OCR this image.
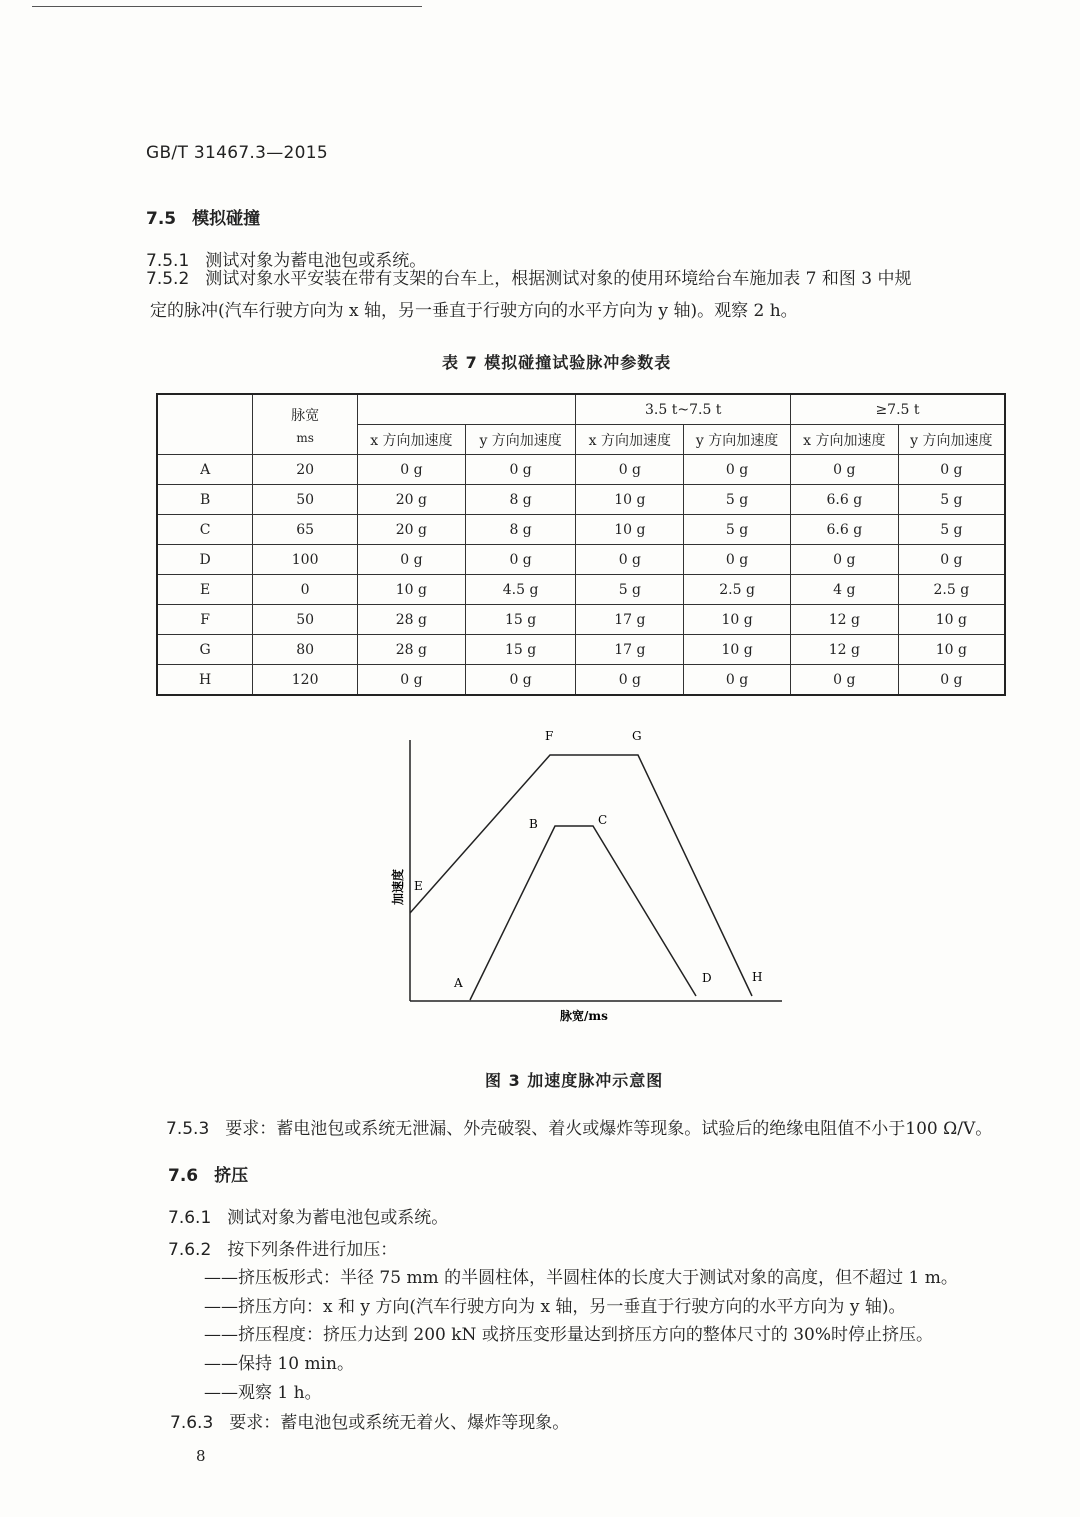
GB/T 31467.3—2015
7.5 模拟碰撞
7.5.1 测试对象为蓄电池包或系统。
7.5.2 测试对象水平安装在带有支架的台车上，根据测试对象的使用环境给台车施加表 7 和图 3 中规
定的脉冲(汽车行驶方向为 x 轴，另一垂直于行驶方向的水平方向为 y 轴)。观察 2 h。
表 7 模拟碰撞试验脉冲参数表

	脉宽
ms			3.5 t~7.5 t		≥7.5 t	
		x 方向加速度	y 方向加速度	x 方向加速度	y 方向加速度	x 方向加速度	y 方向加速度
A	20	0 g	0 g	0 g	0 g	0 g	0 g
B	50	20 g	8 g	10 g	5 g	6.6 g	5 g
C	65	20 g	8 g	10 g	5 g	6.6 g	5 g
D	100	0 g	0 g	0 g	0 g	0 g	0 g
E	0	10 g	4.5 g	5 g	2.5 g	4 g	2.5 g
F	50	28 g	15 g	17 g	10 g	12 g	10 g
G	80	28 g	15 g	17 g	10 g	12 g	10 g
H	120	0 g	0 g	0 g	0 g	0 g	0 g
F	G
B	C
E
A	D	H
加速度
脉宽/ms
图 3 加速度脉冲示意图
7.5.3 要求：蓄电池包或系统无泄漏、外壳破裂、着火或爆炸等现象。试验后的绝缘电阻值不小于100 Ω/V。
7.6 挤压
7.6.1 测试对象为蓄电池包或系统。
7.6.2 按下列条件进行加压：
——挤压板形式：半径 75 mm 的半圆柱体，半圆柱体的长度大于测试对象的高度，但不超过 1 m。
——挤压方向：x 和 y 方向(汽车行驶方向为 x 轴，另一垂直于行驶方向的水平方向为 y 轴)。
——挤压程度：挤压力达到 200 kN 或挤压变形量达到挤压方向的整体尺寸的 30%时停止挤压。
——保持 10 min。
——观察 1 h。
7.6.3 要求：蓄电池包或系统无着火、爆炸等现象。
8
